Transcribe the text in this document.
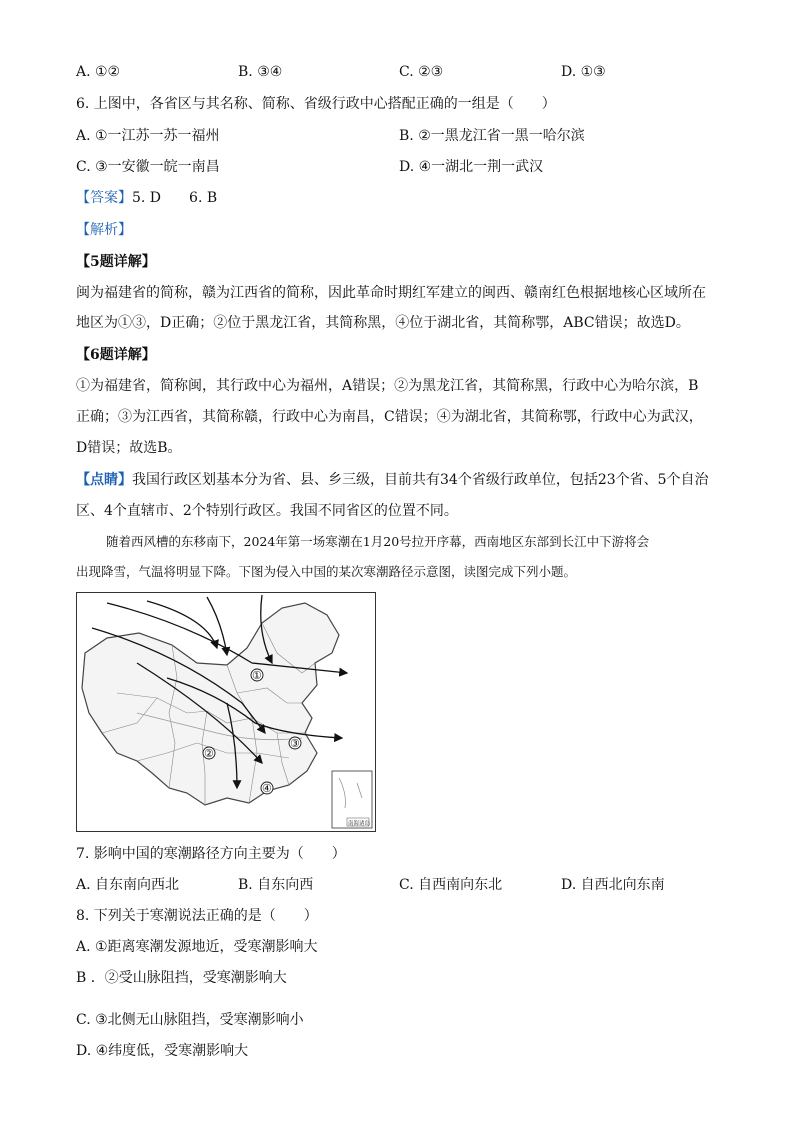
A. ①②	B. ③④	C. ②③	D. ①③
6. 上图中，各省区与其名称、简称、省级行政中心搭配正确的一组是（　　）
A. ①一江苏一苏一福州	B. ②一黑龙江省一黑一哈尔滨
C. ③一安徽一皖一南昌	D. ④一湖北一荆一武汉
【答案】5. D　　6. B
【解析】
【5题详解】
闽为福建省的简称，赣为江西省的简称，因此革命时期红军建立的闽西、赣南红色根据地核心区域所在
地区为①③，D正确；②位于黑龙江省，其简称黑，④位于湖北省，其简称鄂，ABC错误；故选D。
【6题详解】
①为福建省，简称闽，其行政中心为福州，A错误；②为黑龙江省，其简称黑，行政中心为哈尔滨，B
正确；③为江西省，其简称赣，行政中心为南昌，C错误；④为湖北省，其简称鄂，行政中心为武汉，
D错误；故选B。
【点睛】我国行政区划基本分为省、县、乡三级，目前共有34个省级行政单位，包括23个省、5个自治
区、4个直辖市、2个特别行政区。我国不同省区的位置不同。
随着西风槽的东移南下，2024年第一场寒潮在1月20号拉开序幕，西南地区东部到长江中下游将会
出现降雪，气温将明显下降。下图为侵入中国的某次寒潮路径示意图，读图完成下列小题。
①
②
③
④
南海诸岛
7. 影响中国的寒潮路径方向主要为（　　）
A. 自东南向西北	B. 自东向西	C. 自西南向东北	D. 自西北向东南
8. 下列关于寒潮说法正确的是（　　）
A. ①距离寒潮发源地近，受寒潮影响大
B ．②受山脉阻挡，受寒潮影响大
C. ③北侧无山脉阻挡，受寒潮影响小
D. ④纬度低，受寒潮影响大
